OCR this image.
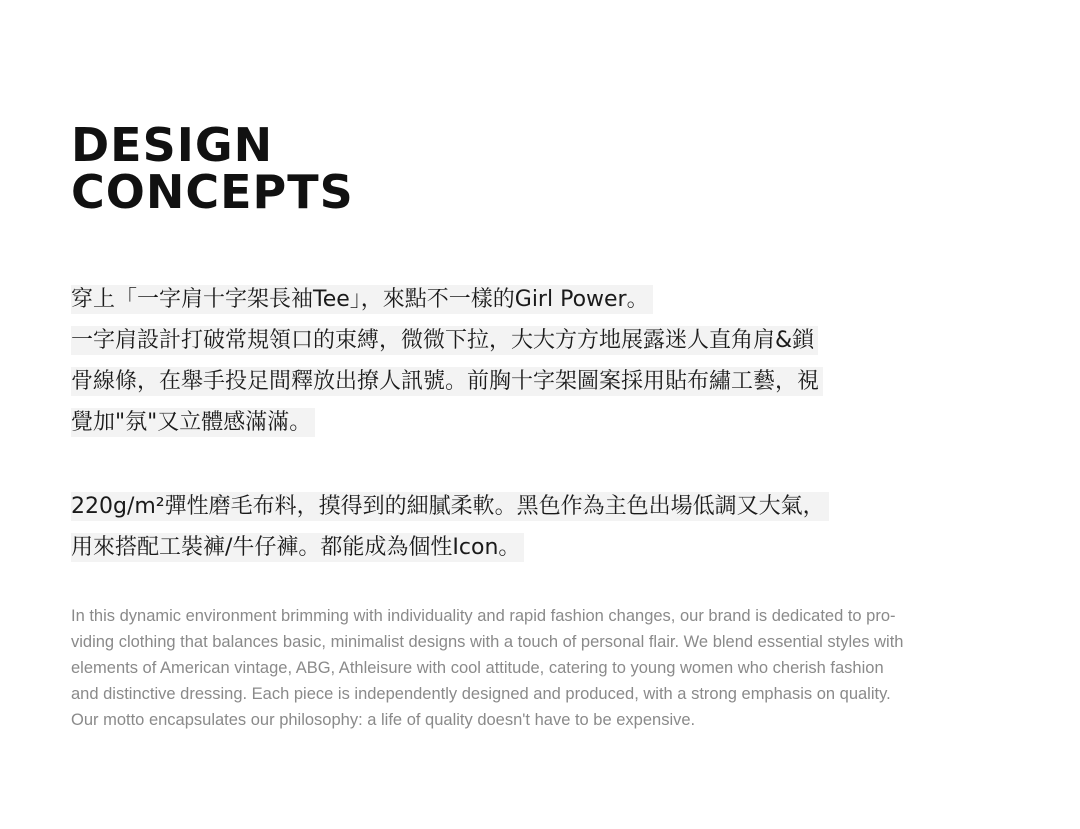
DESIGN
CONCEPTS

穿上「一字肩十字架長袖Tee」，來點不一樣的Girl Power。
一字肩設計打破常規領口的束縛，微微下拉，大大方方地展露迷人直角肩&鎖
骨線條，在舉手投足間釋放出撩人訊號。前胸十字架圖案採用貼布繡工藝，視
覺加"氛"又立體感滿滿。

220g/m²彈性磨毛布料，摸得到的細膩柔軟。黑色作為主色出場低調又大氣，
用來搭配工裝褲/牛仔褲。都能成為個性Icon。

In this dynamic environment brimming with individuality and rapid fashion changes, our brand is dedicated to pro-
viding clothing that balances basic, minimalist designs with a touch of personal flair. We blend essential styles with
elements of American vintage, ABG, Athleisure with cool attitude, catering to young women who cherish fashion
and distinctive dressing. Each piece is independently designed and produced, with a strong emphasis on quality.
Our motto encapsulates our philosophy: a life of quality doesn't have to be expensive.
